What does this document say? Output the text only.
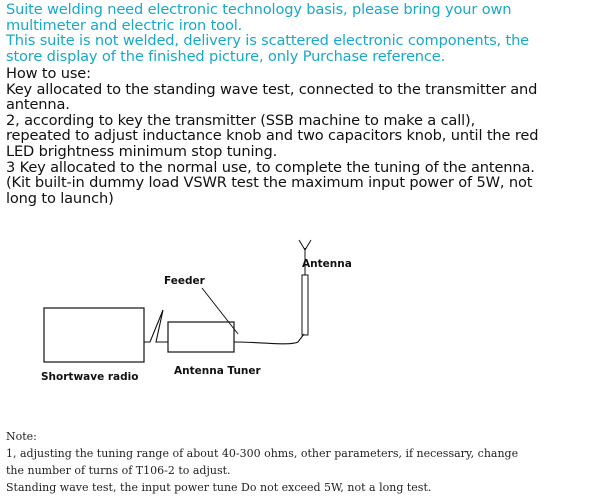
Suite welding need electronic technology basis, please bring your own
multimeter and electric iron tool.
This suite is not welded, delivery is scattered electronic components, the
store display of the finished picture, only Purchase reference.
How to use:
Key allocated to the standing wave test, connected to the transmitter and
antenna.
2, according to key the transmitter (SSB machine to make a call),
repeated to adjust inductance knob and two capacitors knob, until the red
LED brightness minimum stop tuning.
3 Key allocated to the normal use, to complete the tuning of the antenna.
(Kit built-in dummy load VSWR test the maximum input power of 5W, not
long to launch)
Antenna
Feeder
Shortwave radio	Antenna Tuner
Note:
1, adjusting the tuning range of about 40-300 ohms, other parameters, if necessary, change
the number of turns of T106-2 to adjust.
Standing wave test, the input power tune Do not exceed 5W, not a long test.
